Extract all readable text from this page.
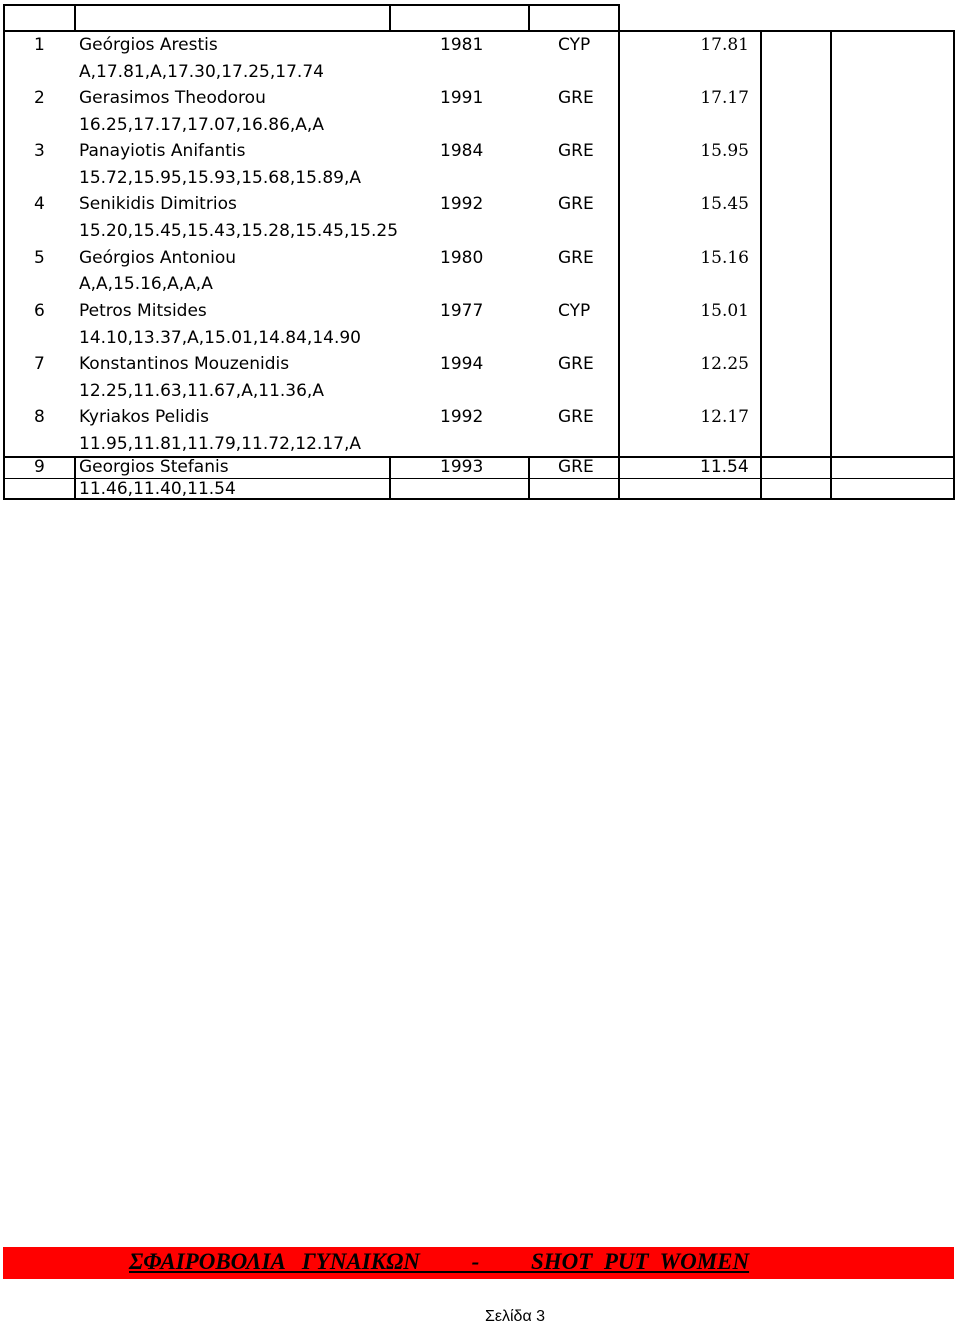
1 Geórgios Arestis	1981	CYP	17.81
A,17.81,A,17.30,17.25,17.74
2 Gerasimos Theodorou	1991	GRE	17.17
16.25,17.17,17.07,16.86,A,A
3 Panayiotis Anifantis	1984	GRE	15.95
15.72,15.95,15.93,15.68,15.89,A
4 Senikidis Dimitrios	1992	GRE	15.45
15.20,15.45,15.43,15.28,15.45,15.25
5 Geórgios Antoniou	1980	GRE	15.16
A,A,15.16,A,A,A
6 Petros Mitsides	1977	CYP	15.01
14.10,13.37,A,15.01,14.84,14.90
7 Konstantinos Mouzenidis	1994	GRE	12.25
12.25,11.63,11.67,A,11.36,A
8 Kyriakos Pelidis	1992	GRE	12.17
11.95,11.81,11.79,11.72,12.17,A
9 Georgios Stefanis	1993	GRE	11.54
11.46,11.40,11.54
ΣΦΑΙΡΟΒΟΛΙΑ   ΓΥΝΑΙΚΩΝ         -         SHOT  PUT  WOMEN
Σελίδα 3
